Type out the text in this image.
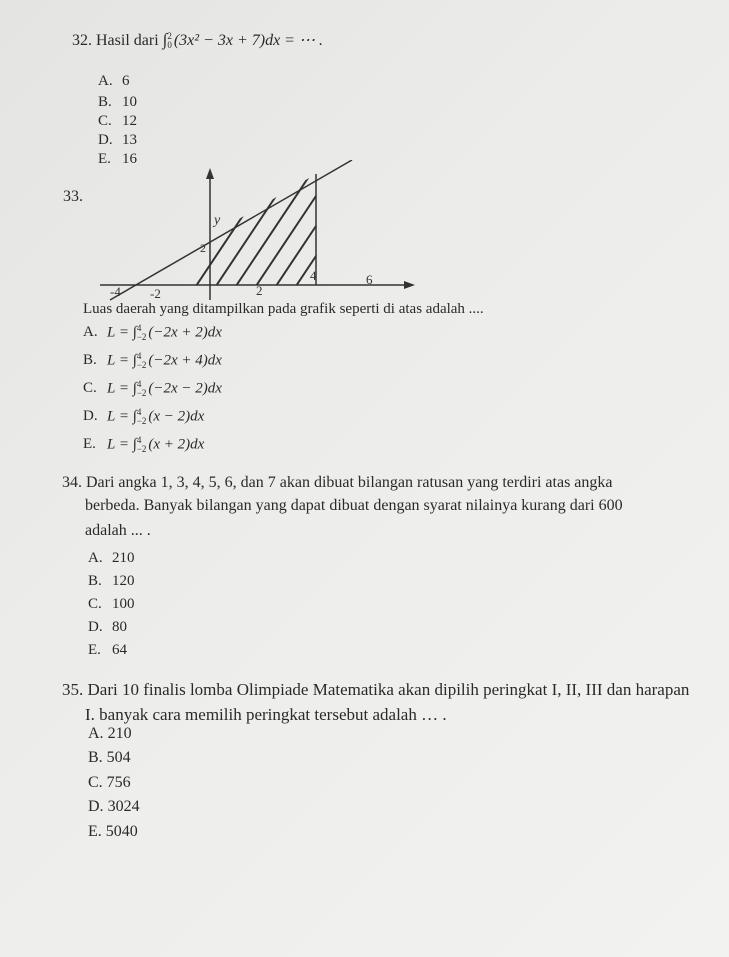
32. Hasil dari ∫ 2
0 (3x² − 3x + 7)dx = ⋯ .
A. 6
B. 10
C. 12
D. 13
E. 16
33.
y
2
-4 -2	2
4	6
Luas daerah yang ditampilkan pada grafik seperti di atas adalah ....
A. L = ∫ 4
−2 (−2x + 2)dx
B. L = ∫ 4
−2 (−2x + 4)dx
C. L = ∫ 4
−2 (−2x − 2)dx
D. L = ∫ 4
−2 (x − 2)dx
E. L = ∫ 4
−2 (x + 2)dx
34. Dari angka 1, 3, 4, 5, 6, dan 7 akan dibuat bilangan ratusan yang terdiri atas angka
berbeda. Banyak bilangan yang dapat dibuat dengan syarat nilainya kurang dari 600
adalah ... .
A. 210
B. 120
C. 100
D. 80
E. 64
35. Dari 10 finalis lomba Olimpiade Matematika akan dipilih peringkat I, II, III dan harapan
I. banyak cara memilih peringkat tersebut adalah … .
A. 210
B. 504
C. 756
D. 3024
E. 5040
